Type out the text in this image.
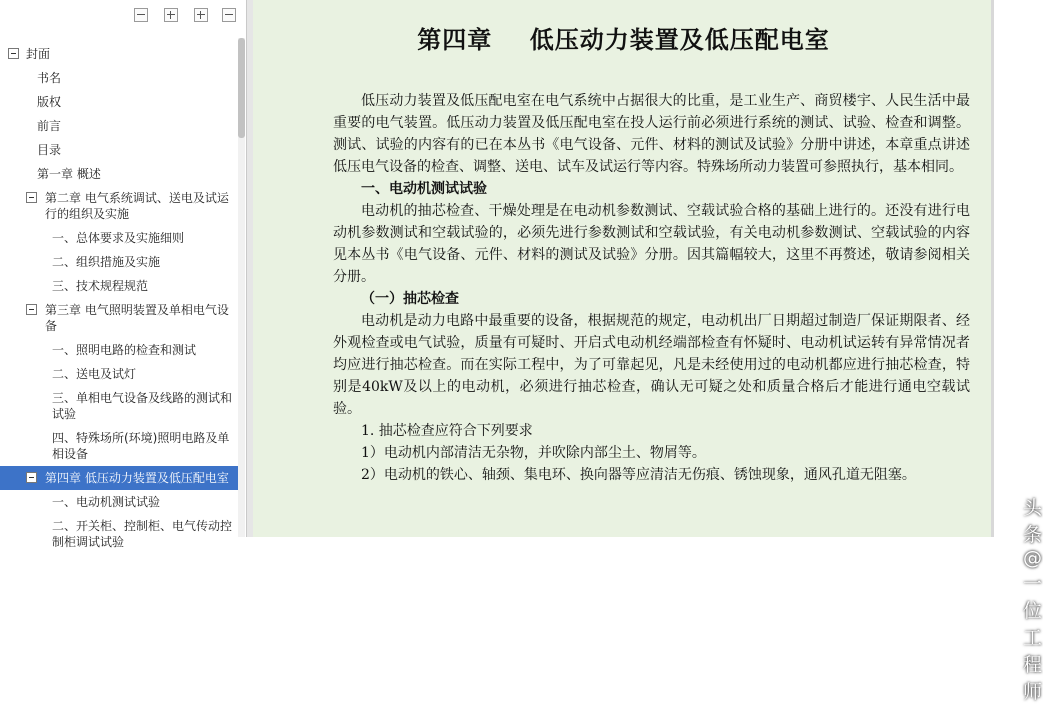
封面
书名
版权
前言
目录
第一章 概述
第二章 电气系统调试、送电及试运行的组织及实施
一、总体要求及实施细则
二、组织措施及实施
三、技术规程规范
第三章 电气照明装置及单相电气设备
一、照明电路的检查和测试
二、送电及试灯
三、单相电气设备及线路的测试和试验
四、特殊场所(环境)照明电路及单相设备
第四章 低压动力装置及低压配电室
一、电动机测试试验
二、开关柜、控制柜、电气传动控制柜调试试验
第四章    低压动力装置及低压配电室

低压动力装置及低压配电室在电气系统中占据很大的比重，是工业生产、商贸楼宇、人民生活中最重要的电气装置。低压动力装置及低压配电室在投人运行前必须进行系统的测试、试验、检查和调整。测试、试验的内容有的已在本丛书《电气设备、元件、材料的测试及试验》分册中讲述，本章重点讲述低压电气设备的检查、调整、送电、试车及试运行等内容。特殊场所动力装置可参照执行，基本相同。

一、电动机测试试验

电动机的抽芯检查、干燥处理是在电动机参数测试、空载试验合格的基础上进行的。还没有进行电动机参数测试和空载试验的，必须先进行参数测试和空载试验，有关电动机参数测试、空载试验的内容见本丛书《电气设备、元件、材料的测试及试验》分册。因其篇幅较大，这里不再赘述，敬请参阅相关分册。

（一）抽芯检查

电动机是动力电路中最重要的设备，根据规范的规定，电动机出厂日期超过制造厂保证期限者、经外观检查或电气试验，质量有可疑时、开启式电动机经端部检查有怀疑时、电动机试运转有异常情况者均应进行抽芯检查。而在实际工程中，为了可靠起见，凡是未经使用过的电动机都应进行抽芯检查，特别是40kW及以上的电动机，必须进行抽芯检查，确认无可疑之处和质量合格后才能进行通电空载试验。

1. 抽芯检查应符合下列要求

1）电动机内部清洁无杂物，并吹除内部尘土、物屑等。

2）电动机的铁心、轴颈、集电环、换向器等应清洁无伤痕、锈蚀现象，通风孔道无阻塞。

头条 @一位工程师
